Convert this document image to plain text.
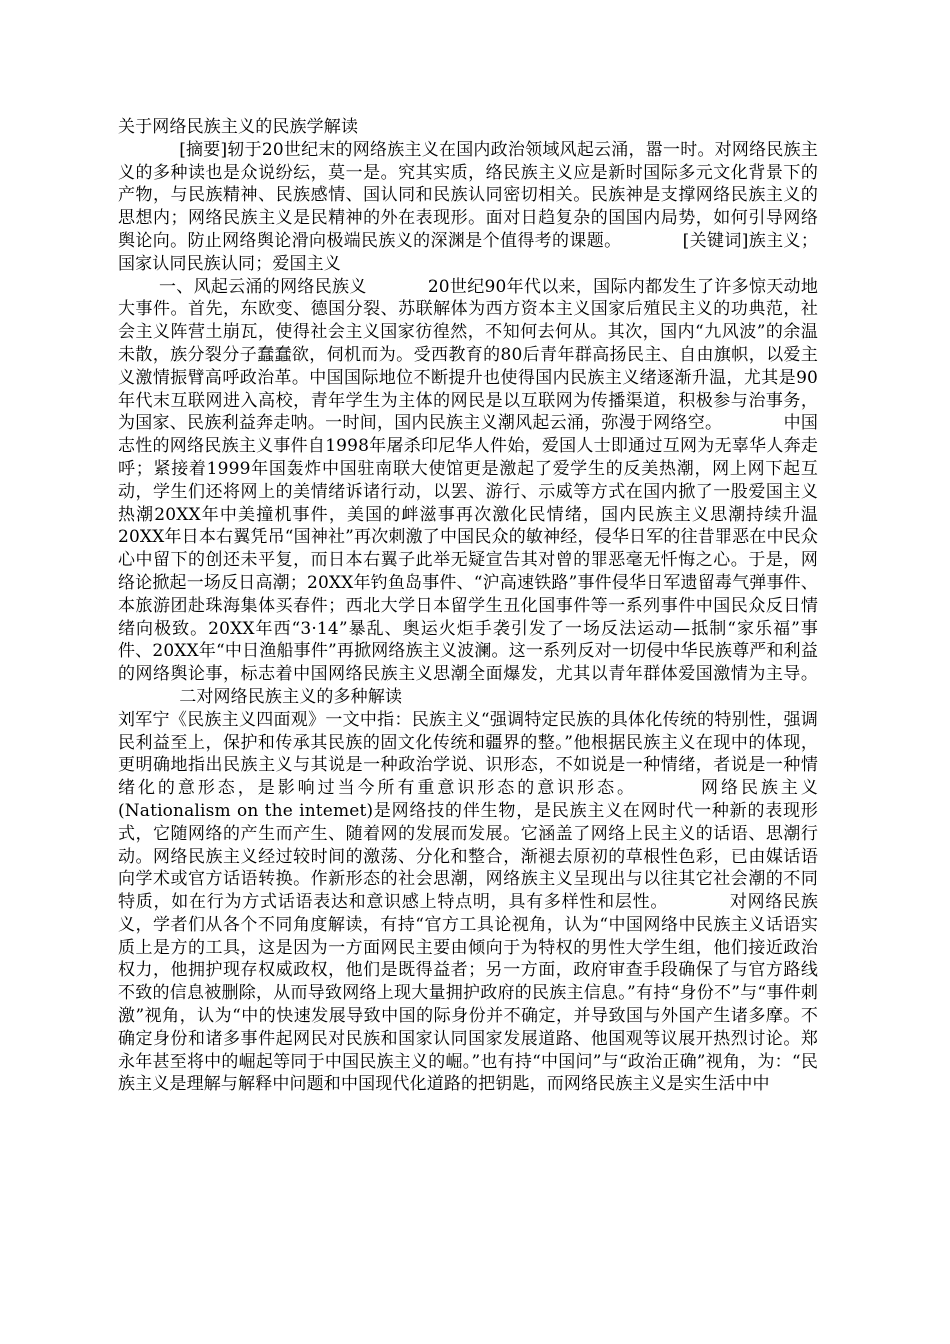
关于网络民族主义的民族学解读

[摘要]轫于20世纪末的网络族主义在国内政治领域风起云涌，嚣一时。对网络民族主义的多种读也是众说纷纭，莫一是。究其实质，络民族主义应是新时国际多元文化背景下的产物，与民族精神、民族感情、国认同和民族认同密切相关。民族神是支撑网络民族主义的思想内；网络民族主义是民精神的外在表现形。面对日趋复杂的国国内局势，如何引导网络舆论向。防止网络舆论滑向极端民族义的深渊是个值得考的课题。	[关键词]族主义；国家认同民族认同；爱国主义

一、风起云涌的网络民族义	20世纪90年代以来，国际内都发生了许多惊天动地大事件。首先，东欧变、德国分裂、苏联解体为西方资本主义国家后殖民主义的功典范，社会主义阵营土崩瓦，使得社会主义国家彷徨然，不知何去何从。其次，国内“九风波”的余温未散，族分裂分子蠢蠢欲，伺机而为。受西教育的80后青年群高扬民主、自由旗帜，以爱主义激情振臂高呼政治革。中国国际地位不断提升也使得国内民族主义绪逐渐升温，尤其是90年代末互联网进入高校，青年学生为主体的网民是以互联网为传播渠道，积极参与治事务，为国家、民族利益奔走呐。一时间，国内民族主义潮风起云涌，弥漫于网络空。	中国志性的网络民族主义事件自1998年屠杀印尼华人件始，爱国人士即通过互网为无辜华人奔走呼；紧接着1999年国轰炸中国驻南联大使馆更是激起了爱学生的反美热潮，网上网下起互动，学生们还将网上的美情绪诉诸行动，以罢、游行、示威等方式在国内掀了一股爱国主义热潮20XX年中美撞机事件，美国的衅滋事再次激化民情绪，国内民族主义思潮持续升温20XX年日本右翼凭吊“国神社”再次刺激了中国民众的敏神经，侵华日军的往昔罪恶在中民众心中留下的创还未平复，而日本右翼子此举无疑宣告其对曾的罪恶毫无忏悔之心。于是，网络论掀起一场反日高潮；20XX年钓鱼岛事件、“沪高速铁路”事件侵华日军遗留毒气弹事件、本旅游团赴珠海集体买春件；西北大学日本留学生丑化国事件等一系列事件中国民众反日情绪向极致。20XX年西“3·14”暴乱、奥运火炬手袭引发了一场反法运动—抵制“家乐福”事件、20XX年“中日渔船事件”再掀网络族主义波澜。这一系列反对一切侵中华民族尊严和利益的网络舆论事，标志着中国网络民族主义思潮全面爆发，尤其以青年群体爱国激情为主导。二对网络民族主义的多种解读

刘军宁《民族主义四面观》一文中指：民族主义“强调特定民族的具体化传统的特别性，强调民利益至上，保护和传承其民族的固文化传统和疆界的整。”他根据民族主义在现中的体现，更明确地指出民族主义与其说是一种政治学说、识形态，不如说是一种情绪，者说是一种情绪化的意形态，是影响过当今所有重意识形态的意识形态。	网络民族主义(Nationalism on the intemet)是网络技的伴生物，是民族主义在网时代一种新的表现形式，它随网络的产生而产生、随着网的发展而发展。它涵盖了网络上民主义的话语、思潮行动。网络民族主义经过较时间的激荡、分化和整合，渐褪去原初的草根性色彩，已由媒话语向学术或官方话语转换。作新形态的社会思潮，网络族主义呈现出与以往其它社会潮的不同特质，如在行为方式话语表达和意识感上特点明，具有多样性和层性。	对网络民族义，学者们从各个不同角度解读，有持“官方工具论视角，认为“中国网络中民族主义话语实质上是方的工具，这是因为一方面网民主要由倾向于为特权的男性大学生组，他们接近政治权力，他拥护现存权威政权，他们是既得益者；另一方面，政府审查手段确保了与官方路线不致的信息被删除，从而导致网络上现大量拥护政府的民族主信息。”有持“身份不”与“事件刺激”视角，认为“中的快速发展导致中国的际身份并不确定，并导致国与外国产生诸多摩。不确定身份和诸多事件起网民对民族和国家认同国家发展道路、他国观等议展开热烈讨论。郑永年甚至将中的崛起等同于中国民族主义的崛。”也有持“中国问”与“政治正确”视角，为：“民族主义是理解与解释中问题和中国现代化道路的把钥匙，而网络民族主义是实生活中中
